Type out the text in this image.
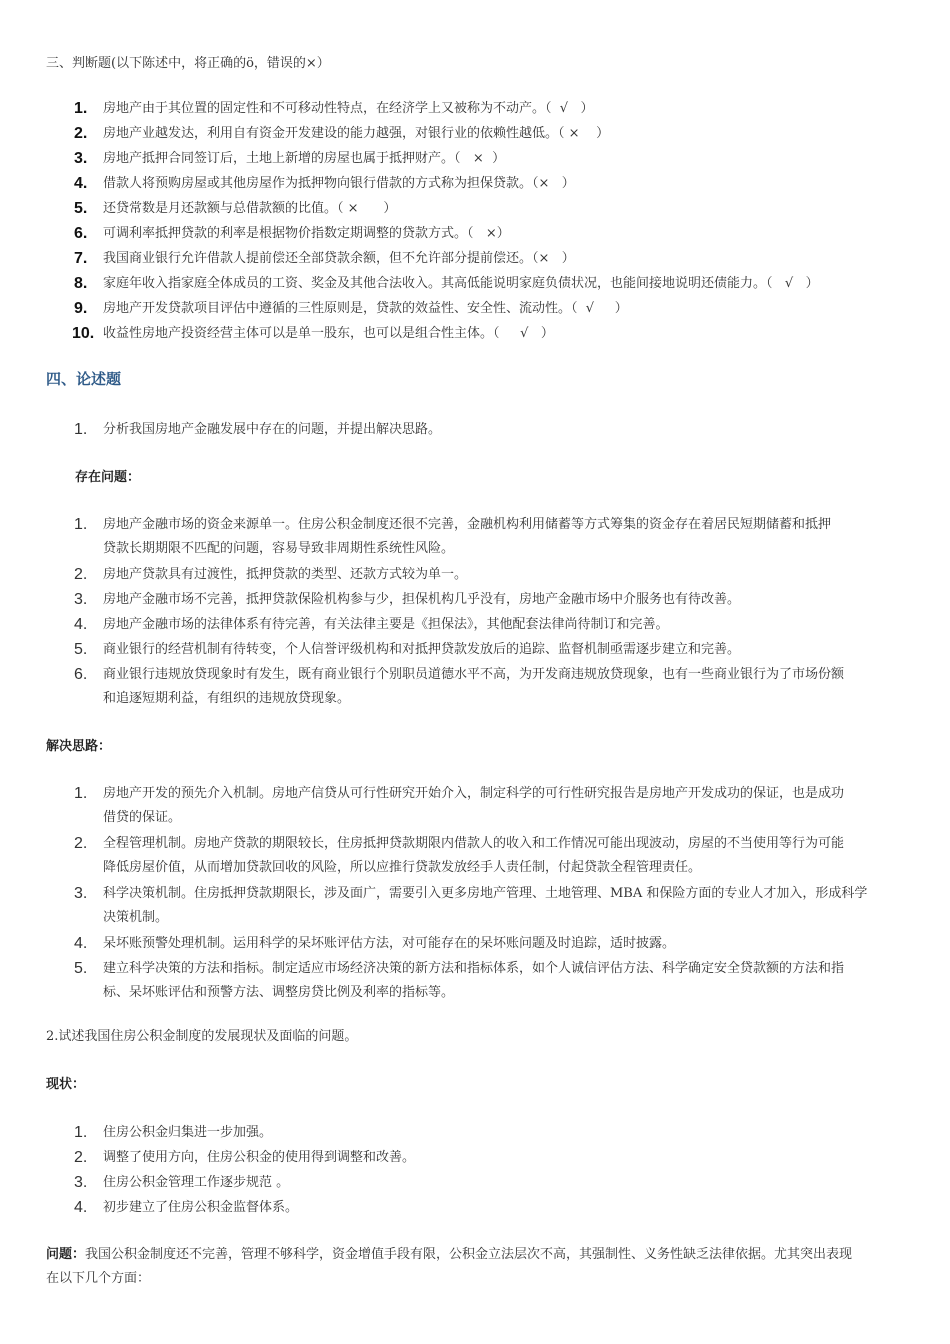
三、判断题(以下陈述中，将正确的ö，错误的×）
1. 房地产由于其位置的固定性和不可移动性特点，在经济学上又被称为不动产。（  √   ）
2. 房地产业越发达，利用自有资金开发建设的能力越强，对银行业的依赖性越低。（ ×    ）
3. 房地产抵押合同签订后，土地上新增的房屋也属于抵押财产。（   ×  ）
4. 借款人将预购房屋或其他房屋作为抵押物向银行借款的方式称为担保贷款。（×   ）
5. 还贷常数是月还款额与总借款额的比值。（ ×      ）
6. 可调利率抵押贷款的利率是根据物价指数定期调整的贷款方式。（   ×）
7. 我国商业银行允许借款人提前偿还全部贷款余额，但不允许部分提前偿还。（×   ）
8. 家庭年收入指家庭全体成员的工资、奖金及其他合法收入。其高低能说明家庭负债状况，也能间接地说明还债能力。（   √   ）
9. 房地产开发贷款项目评估中遵循的三性原则是，贷款的效益性、安全性、流动性。（  √     ）
10. 收益性房地产投资经营主体可以是单一股东，也可以是组合性主体。（     √   ）
四、论述题
1. 分析我国房地产金融发展中存在的问题，并提出解决思路。
存在问题：
1. 房地产金融市场的资金来源单一。住房公积金制度还很不完善，金融机构利用储蓄等方式筹集的资金存在着居民短期储蓄和抵押
贷款长期期限不匹配的问题，容易导致非周期性系统性风险。
2. 房地产贷款具有过渡性，抵押贷款的类型、还款方式较为单一。
3. 房地产金融市场不完善，抵押贷款保险机构参与少，担保机构几乎没有，房地产金融市场中介服务也有待改善。
4. 房地产金融市场的法律体系有待完善，有关法律主要是《担保法》，其他配套法律尚待制订和完善。
5. 商业银行的经营机制有待转变，个人信誉评级机构和对抵押贷款发放后的追踪、监督机制亟需逐步建立和完善。
6. 商业银行违规放贷现象时有发生，既有商业银行个别职员道德水平不高，为开发商违规放贷现象，也有一些商业银行为了市场份额
和追逐短期利益，有组织的违规放贷现象。
解决思路：
1. 房地产开发的预先介入机制。房地产信贷从可行性研究开始介入，制定科学的可行性研究报告是房地产开发成功的保证，也是成功
借贷的保证。
2. 全程管理机制。房地产贷款的期限较长，住房抵押贷款期限内借款人的收入和工作情况可能出现波动，房屋的不当使用等行为可能
降低房屋价值，从而增加贷款回收的风险，所以应推行贷款发放经手人责任制，付起贷款全程管理责任。
3. 科学决策机制。住房抵押贷款期限长，涉及面广，需要引入更多房地产管理、土地管理、MBA 和保险方面的专业人才加入，形成科学
决策机制。
4. 呆坏账预警处理机制。运用科学的呆坏账评估方法，对可能存在的呆坏账问题及时追踪，适时披露。
5. 建立科学决策的方法和指标。制定适应市场经济决策的新方法和指标体系，如个人诚信评估方法、科学确定安全贷款额的方法和指
标、呆坏账评估和预警方法、调整房贷比例及利率的指标等。
2.试述我国住房公积金制度的发展现状及面临的问题。
现状：
1. 住房公积金归集进一步加强。
2. 调整了使用方向，住房公积金的使用得到调整和改善。
3. 住房公积金管理工作逐步规范 。
4. 初步建立了住房公积金监督体系。
问题：我国公积金制度还不完善，管理不够科学，资金增值手段有限，公积金立法层次不高，其强制性、义务性缺乏法律依据。尤其突出表现
在以下几个方面：
